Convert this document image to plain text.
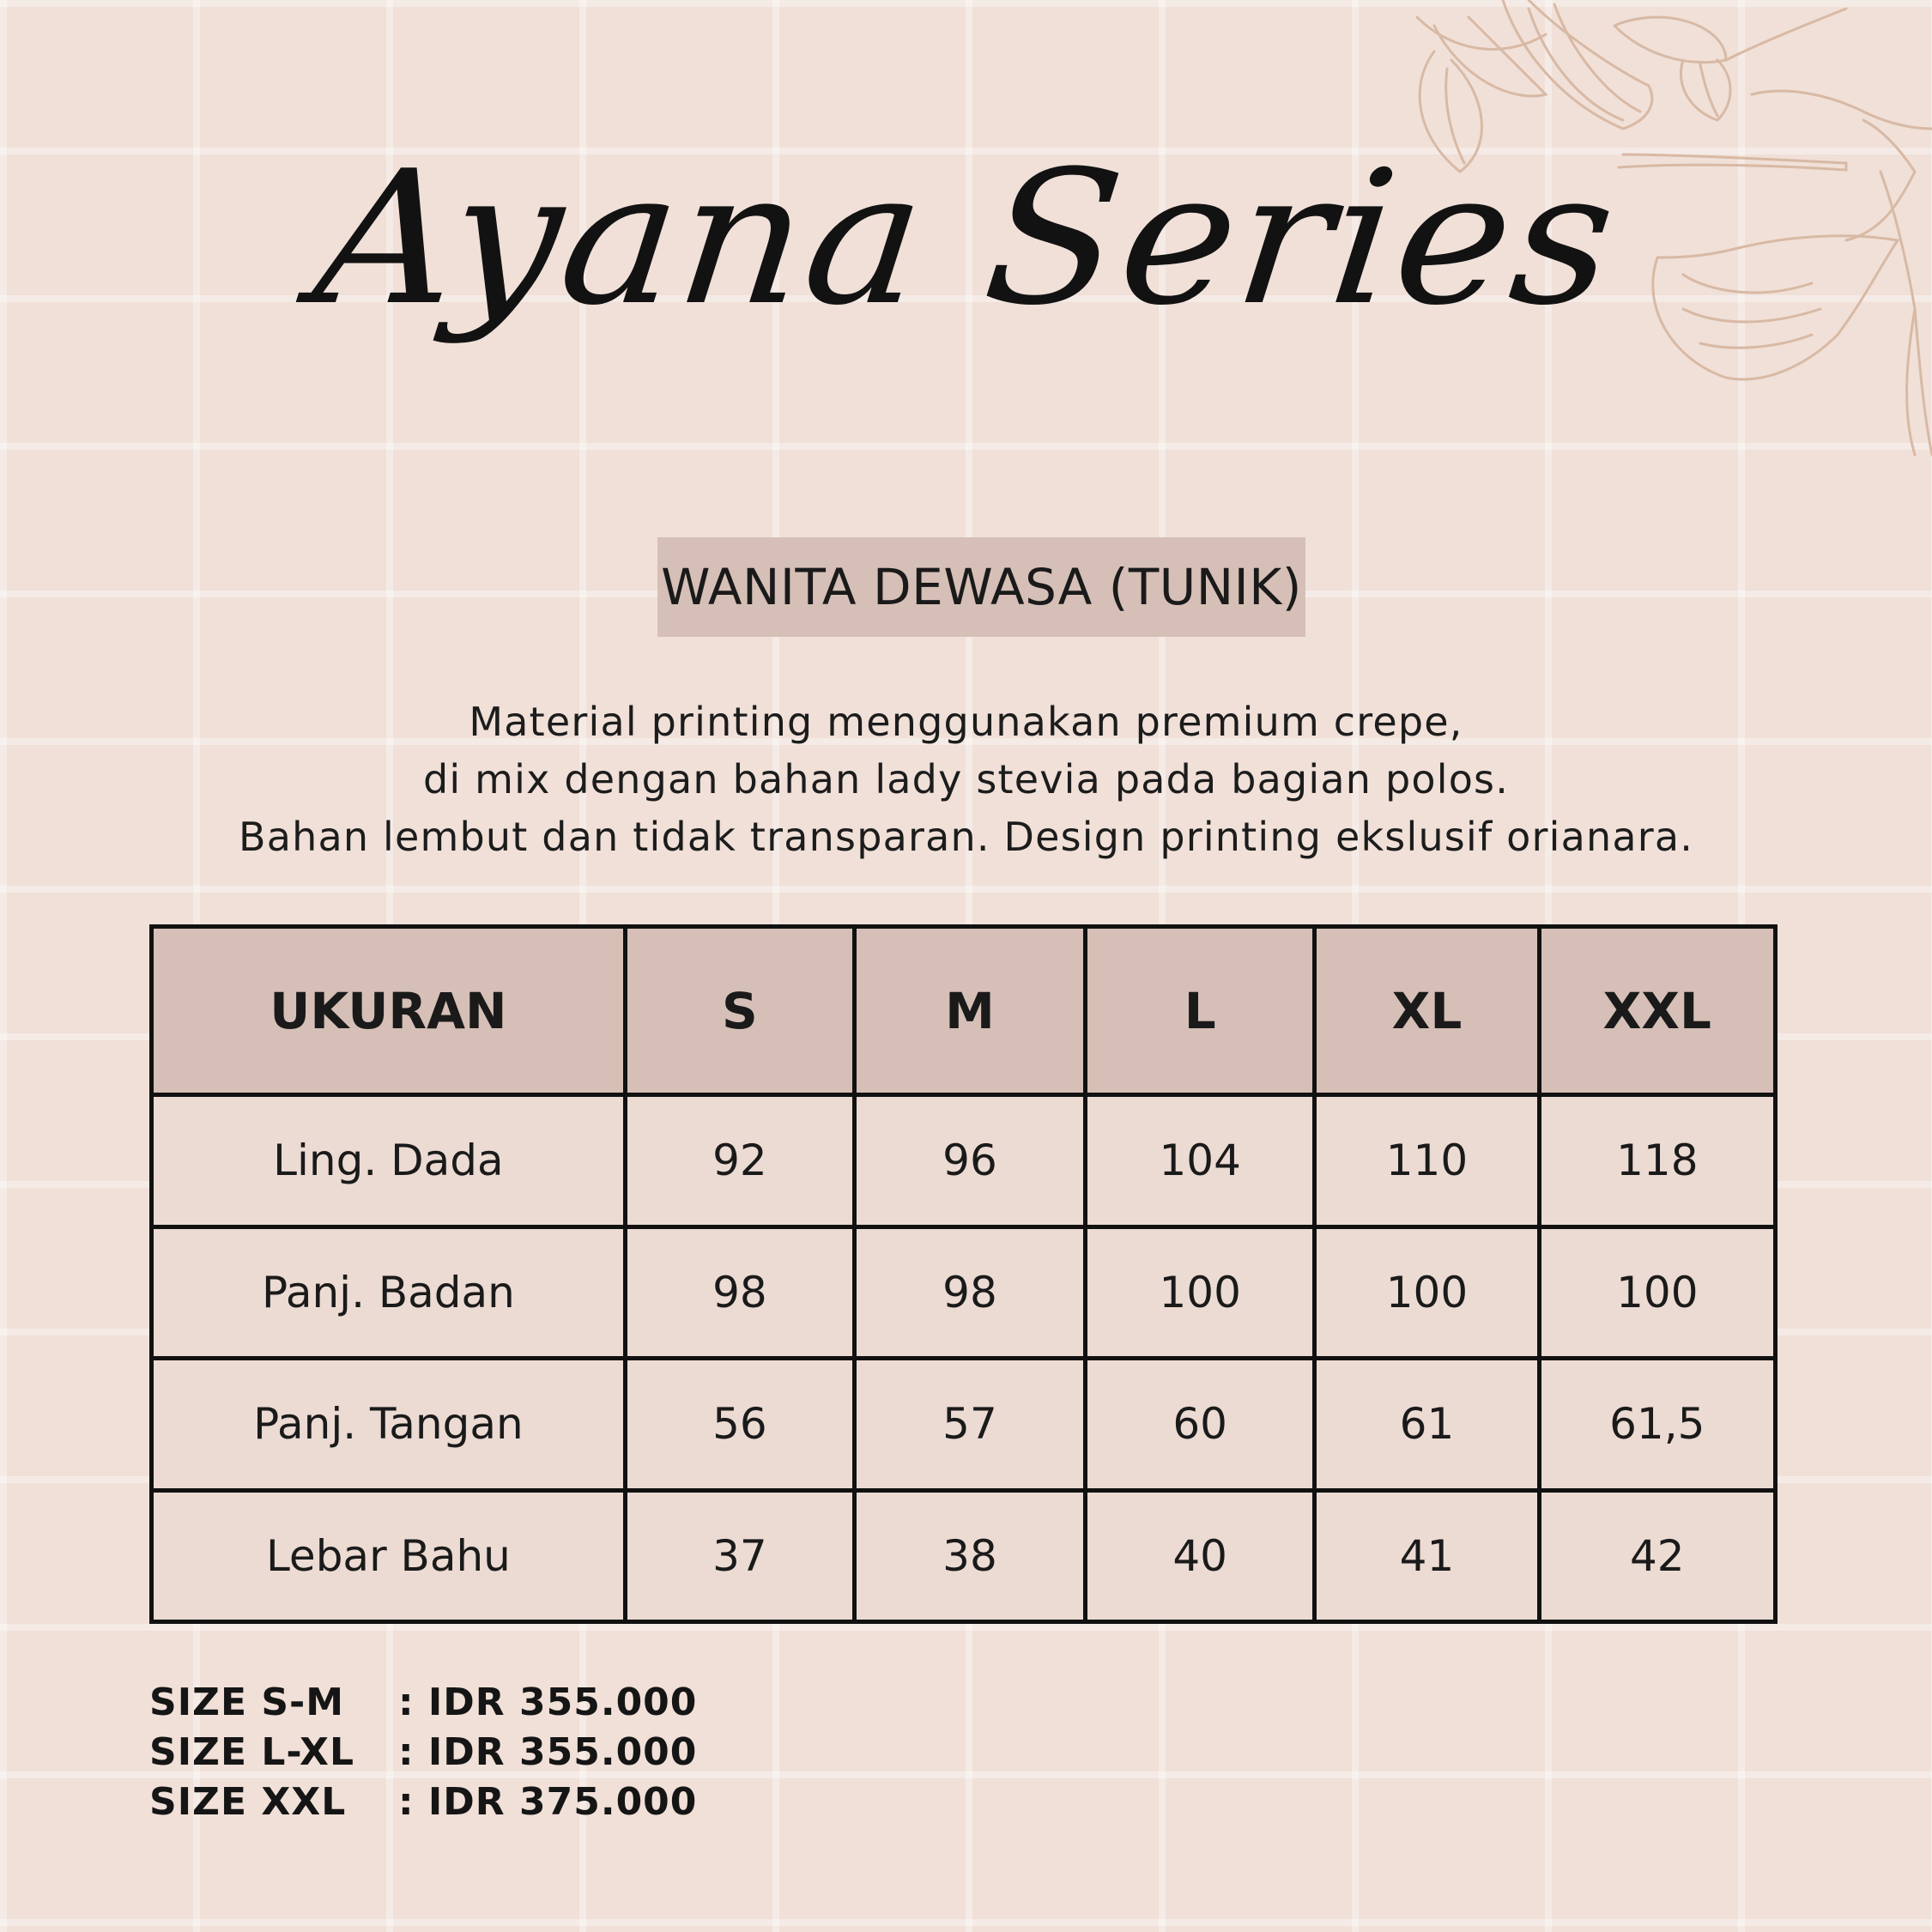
Ayana Series
WANITA DEWASA (TUNIK)
Material printing menggunakan premium crepe,
di mix dengan bahan lady stevia pada bagian polos.
Bahan lembut dan tidak transparan. Design printing ekslusif orianara.
UKURAN	S	M	L	XL	XXL
Ling. Dada	92	96	104	110	118
Panj. Badan	98	98	100	100	100
Panj. Tangan	56	57	60	61	61,5
Lebar Bahu	37	38	40	41	42
SIZE S-M	: IDR 355.000
SIZE L-XL	: IDR 355.000
SIZE XXL	: IDR 375.000
